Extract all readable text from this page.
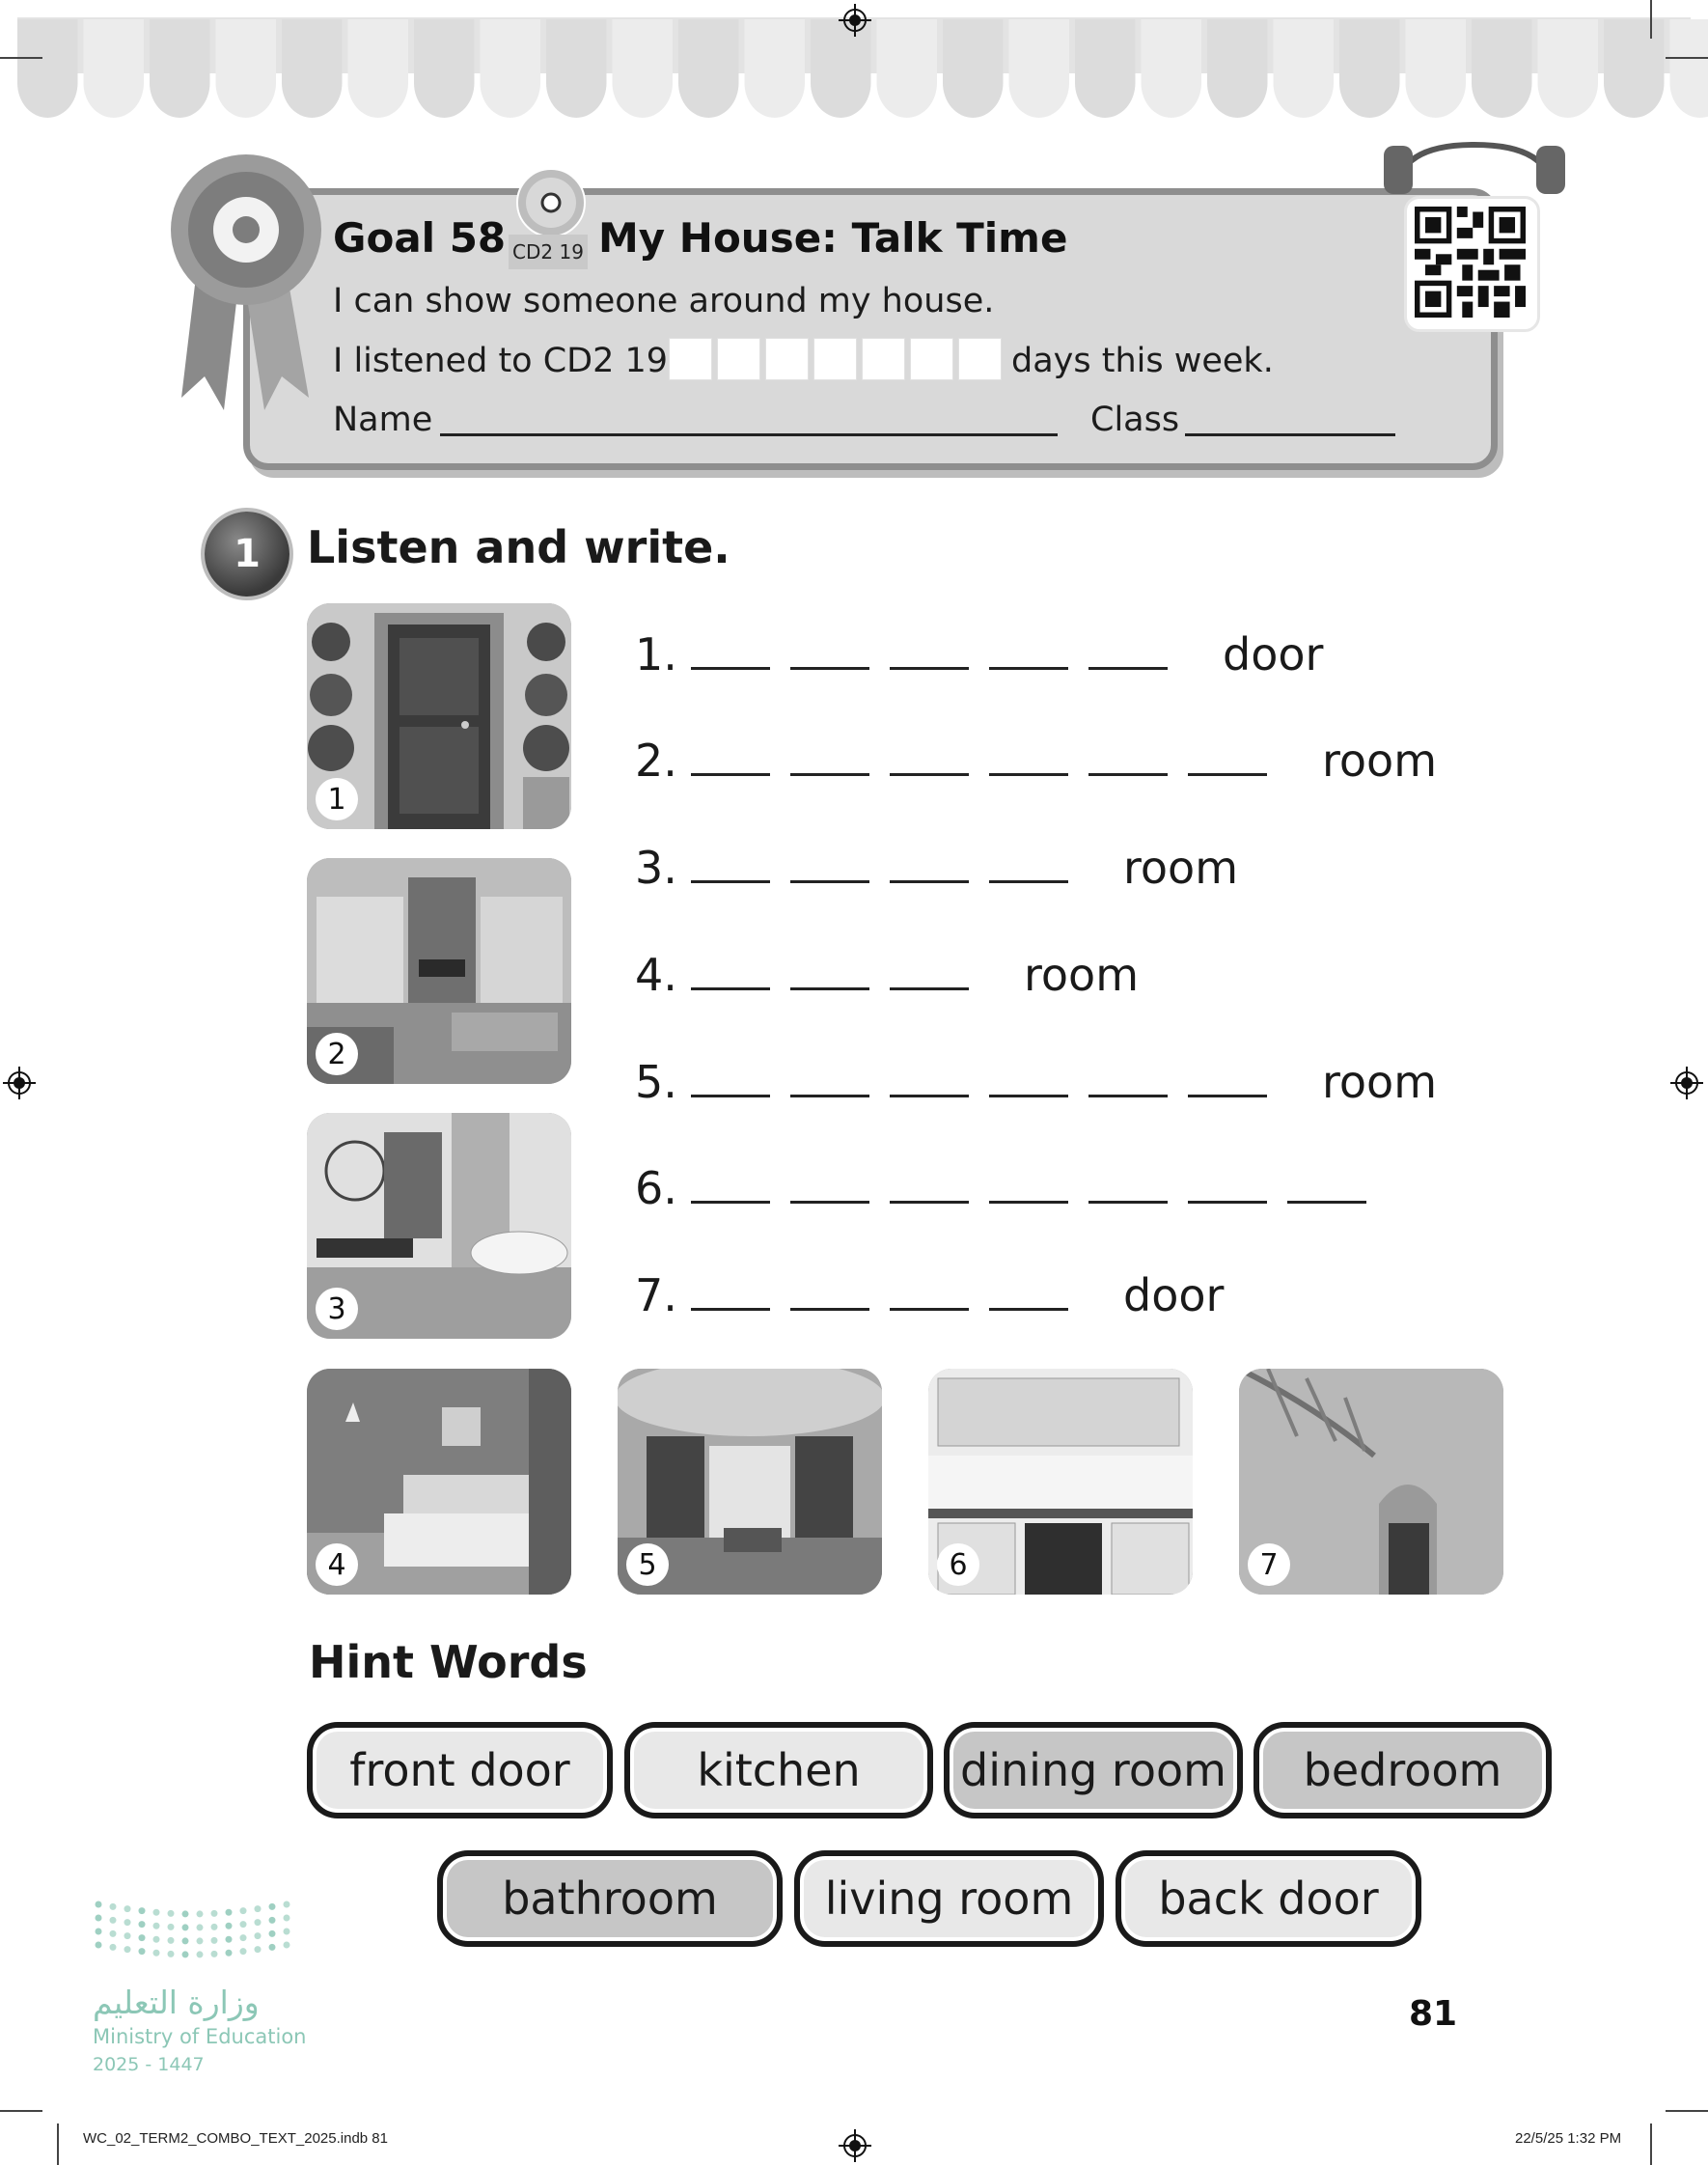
Goal 58 CD2 19 My House: Talk Time
I can show someone around my house.
I listened to CD2 19	days this week.
Name	Class
1	Listen and write.
1
2
3
4	5	6	7
1.	door
2.	room
3.	room
4.	room
5.	room
6.
7.	door
Hint Words
front door	kitchen	dining room	bedroom
bathroom	living room	back door
وزارة التعليم
Ministry of Education
2025 - 1447
81
WC_02_TERM2_COMBO_TEXT_2025.indb 81	22/5/25 1:32 PM
